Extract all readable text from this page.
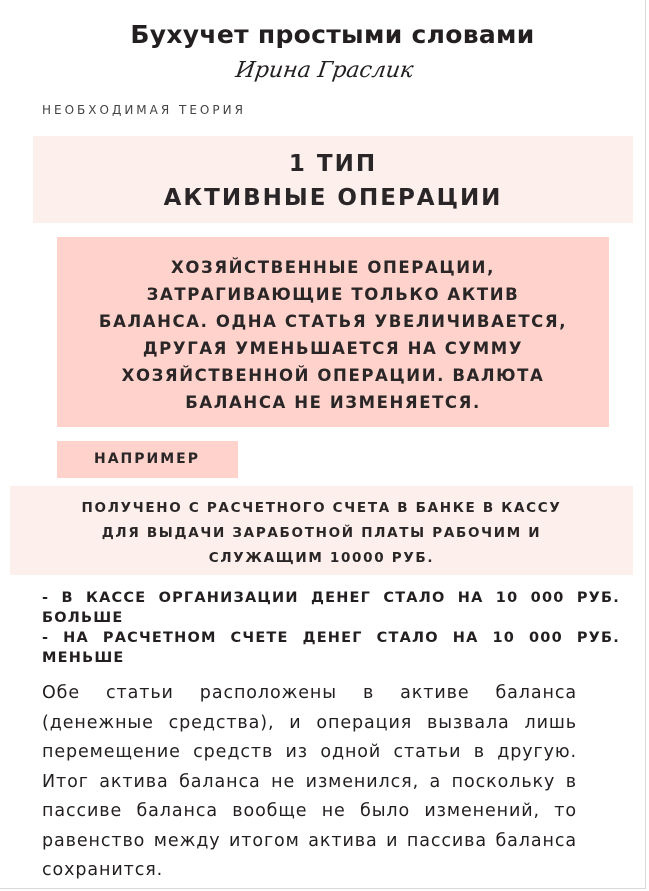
Бухучет простыми словами
Ирина Граслик
НЕОБХОДИМАЯ ТЕОРИЯ
1 ТИП
АКТИВНЫЕ ОПЕРАЦИИ
ХОЗЯЙСТВЕННЫЕ ОПЕРАЦИИ,
ЗАТРАГИВАЮЩИЕ ТОЛЬКО АКТИВ
БАЛАНСА. ОДНА СТАТЬЯ УВЕЛИЧИВАЕТСЯ,
ДРУГАЯ УМЕНЬШАЕТСЯ НА СУММУ
ХОЗЯЙСТВЕННОЙ ОПЕРАЦИИ. ВАЛЮТА
БАЛАНСА НЕ ИЗМЕНЯЕТСЯ.
НАПРИМЕР
ПОЛУЧЕНО С РАСЧЕТНОГО СЧЕТА В БАНКЕ В КАССУ
ДЛЯ ВЫДАЧИ ЗАРАБОТНОЙ ПЛАТЫ РАБОЧИМ И
СЛУЖАЩИМ 10000 РУБ.
- В КАССЕ ОРГАНИЗАЦИИ ДЕНЕГ СТАЛО НА 10 000 РУБ.
БОЛЬШЕ
- НА РАСЧЕТНОМ СЧЕТЕ ДЕНЕГ СТАЛО НА 10 000 РУБ.
МЕНЬШЕ
Обе статьи расположены в активе баланса (денежные средства), и операция вызвала лишь перемещение средств из одной статьи в другую. Итог актива баланса не изменился, а поскольку в пассиве баланса вообще не было изменений, то равенство между итогом актива и пассива баланса сохранится.
